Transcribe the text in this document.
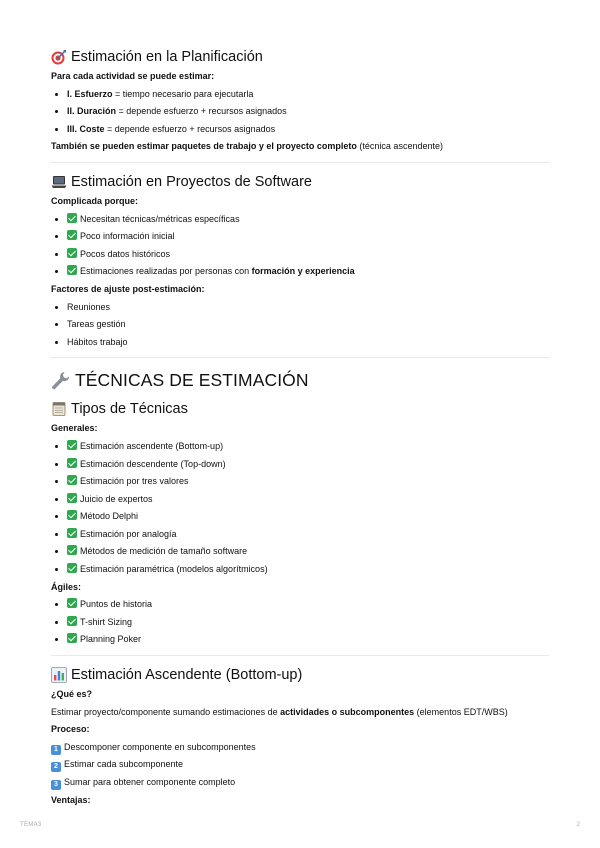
Estimación en la Planificación

Para cada actividad se puede estimar:

• I. Esfuerzo = tiempo necesario para ejecutarla
• II. Duración = depende esfuerzo + recursos asignados
• III. Coste = depende esfuerzo + recursos asignados

También se pueden estimar paquetes de trabajo y el proyecto completo (técnica ascendente)

Estimación en Proyectos de Software

Complicada porque:

• Necesitan técnicas/métricas específicas
• Poco información inicial
• Pocos datos históricos
• Estimaciones realizadas por personas con formación y experiencia

Factores de ajuste post-estimación:

• Reuniones
• Tareas gestión
• Hábitos trabajo
TÉCNICAS DE ESTIMACIÓN
Tipos de Técnicas

Generales:

• Estimación ascendente (Bottom-up)
• Estimación descendente (Top-down)
• Estimación por tres valores
• Juicio de expertos
• Método Delphi
• Estimación por analogía
• Métodos de medición de tamaño software
• Estimación paramétrica (modelos algorítmicos)

Ágiles:

• Puntos de historia
• T-shirt Sizing
• Planning Poker
Estimación Ascendente (Bottom-up)

¿Qué es?

Estimar proyecto/componente sumando estimaciones de actividades o subcomponentes (elementos EDT/WBS)

Proceso:

1 Descomponer componente en subcomponentes

2 Estimar cada subcomponente

3 Sumar para obtener componente completo

Ventajas:

TEMA3	2
